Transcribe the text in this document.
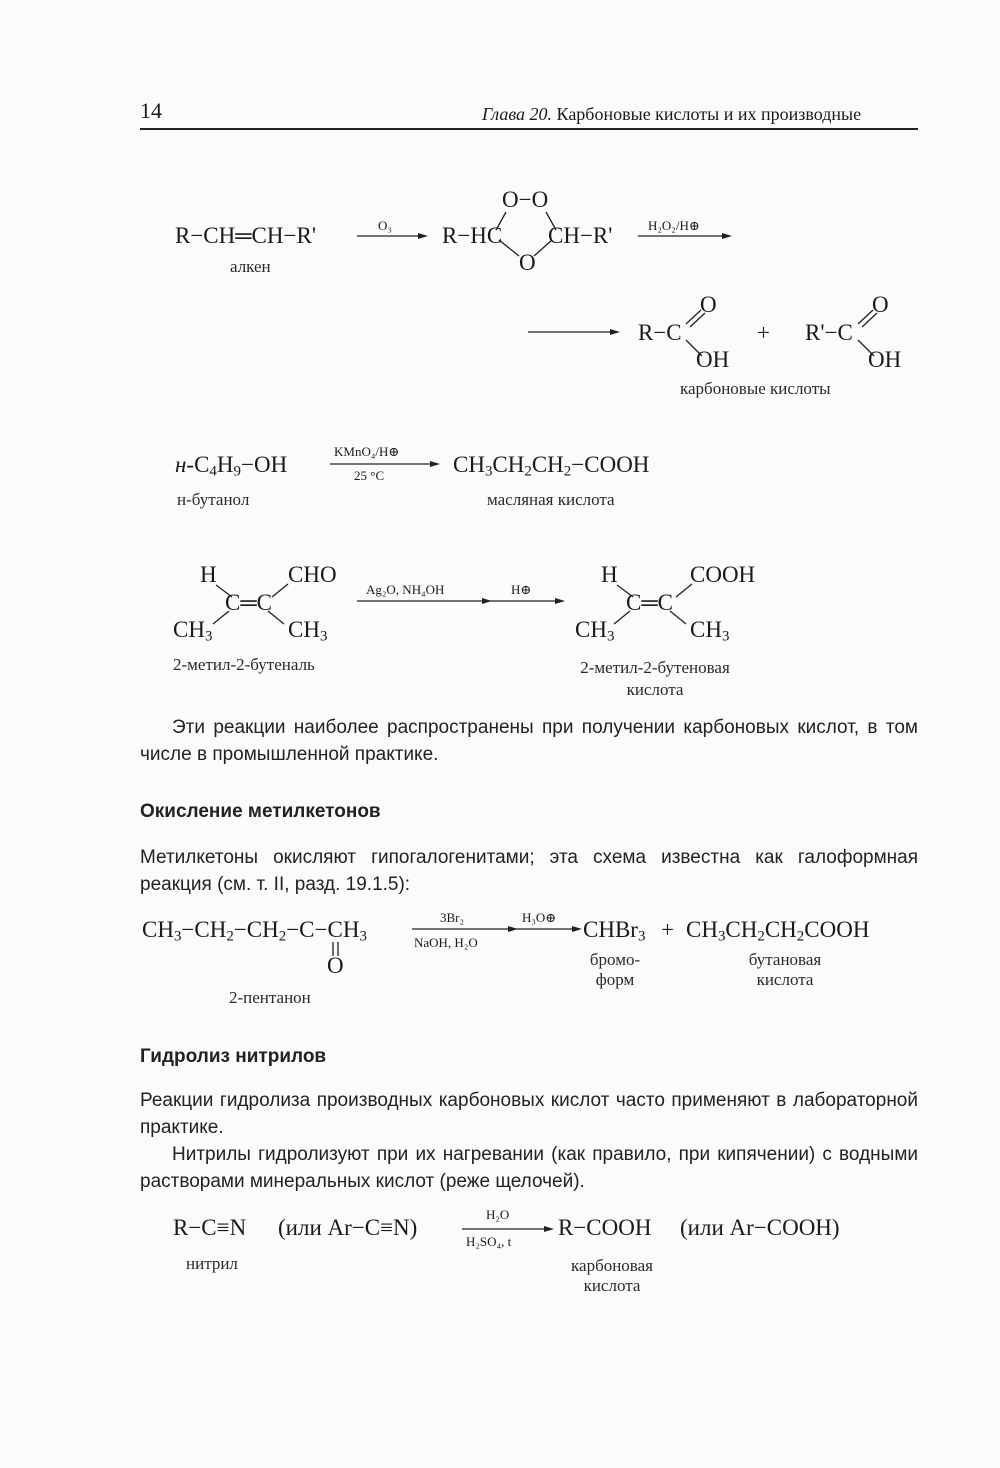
14	Глава 20. Карбоновые кислоты и их производные
R−CH═CH−R'
алкен
O₃
O−O
R−HC CH−R'
O
H₂O₂/H⊕
R−C
O
OH
+ R'−C
O
OH
карбоновые кислоты
$н-C_4H_9-OH$
н-бутанол
KMnO₄/H⊕
25 °C	$CH_3CH_2CH_2-COOH$
масляная кислота
H	CHO
C═C
$CH_3$	$CH_3$
2-метил-2-бутеналь
Ag₂O, NH₄OH	H⊕
H	COOH
C═C
$CH_3$	$CH_3$
2-метил-2-бутеновая
кислота

Эти реакции наиболее распространены при получении карбоновых кислот, в том числе в промышленной практике.

Окисление метилкетонов

Метилкетоны окисляют гипогалогенитами; эта схема известна как галоформная реакция (см. т. II, разд. 19.1.5):

$CH_3-CH_2-CH_2-C-CH_3$
O
2-пентанон
3Br₂
NaOH, H₂O
H₃O⊕ CHBr$_3$ + $CH_3CH_2CH_2COOH$
бромо-
форм
бутановая
кислота
Гидролиз нитрилов

Реакции гидролиза производных карбоновых кислот часто применяют в лабораторной практике.

Нитрилы гидролизуют при их нагревании (как правило, при кипячении) с водными растворами минеральных кислот (реже щелочей).

R−C≡N (или Ar−C≡N)
H₂O
H₂SO₄, t
R−COOH (или Ar−COOH)
нитрил	карбоновая
кислота
